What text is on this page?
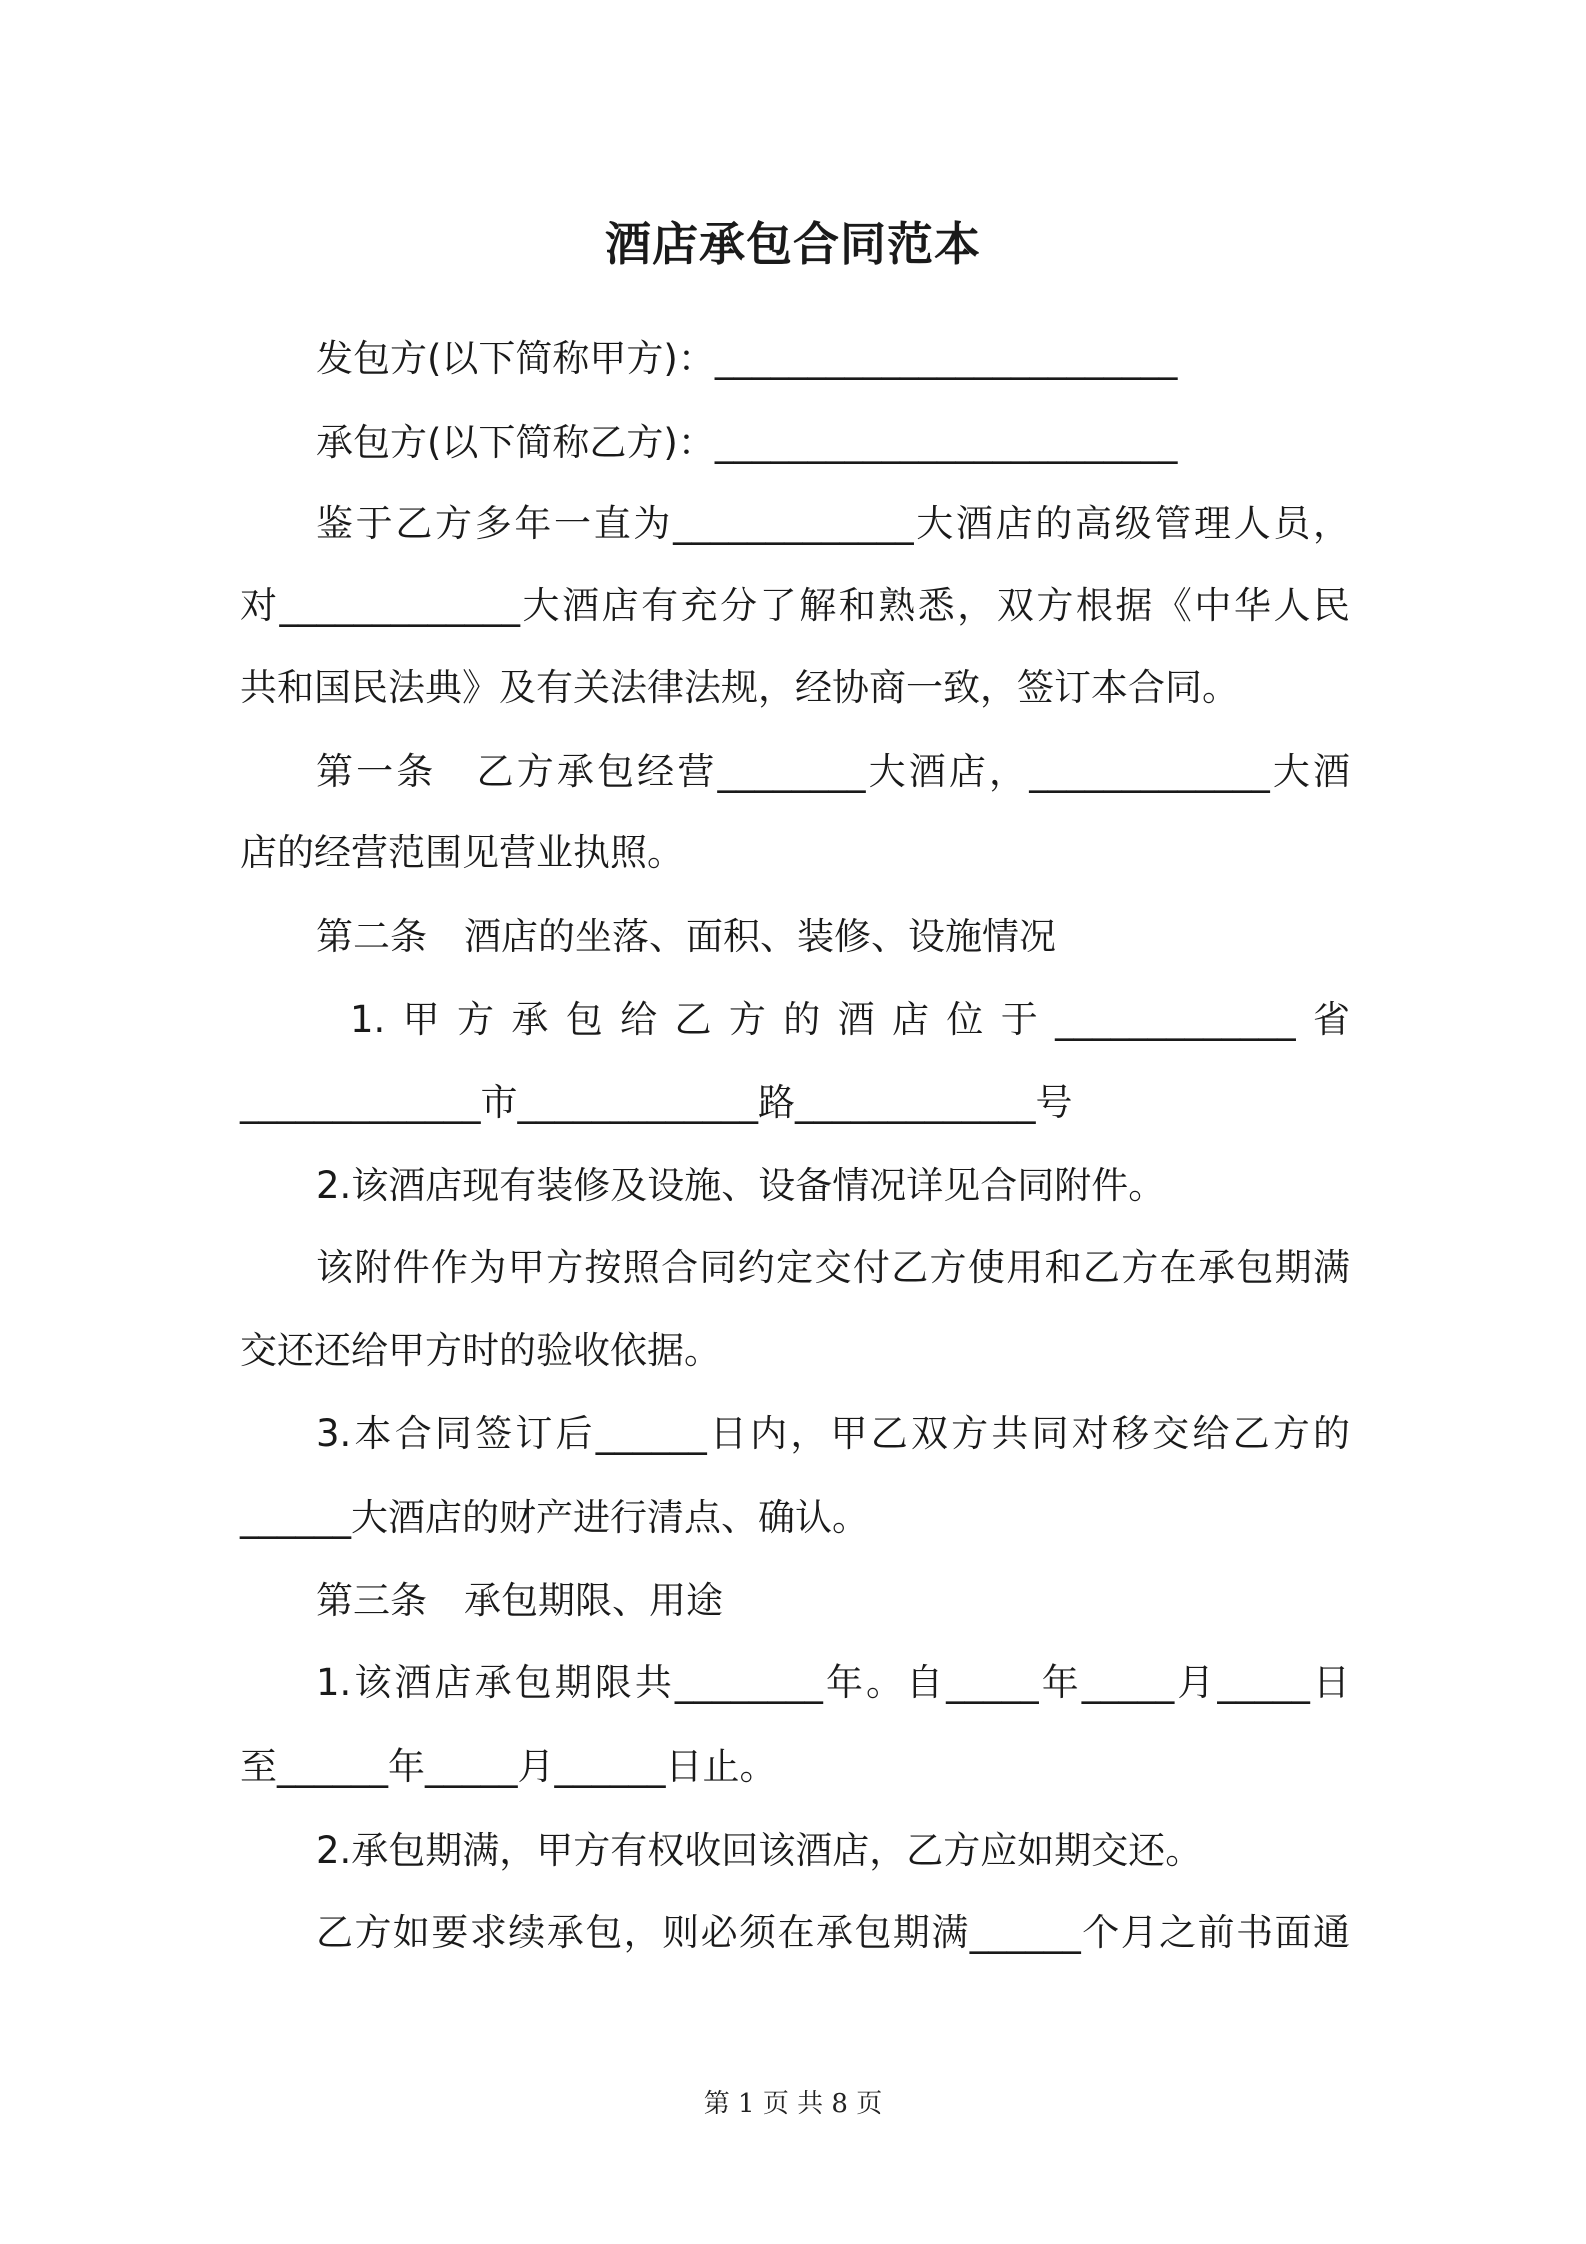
酒店承包合同范本
发包方(以下简称甲方)：_________________________
承包方(以下简称乙方)：_________________________
鉴于乙方多年一直为_____________大酒店的高级管理人员，
对_____________大酒店有充分了解和熟悉，双方根据《中华人民
共和国民法典》及有关法律法规，经协商一致，签订本合同。
第一条　乙方承包经营________大酒店，_____________大酒
店的经营范围见营业执照。
第二条　酒店的坐落、面积、装修、设施情况
1.甲方承包给乙方的酒店位于_____________省
_____________市_____________路_____________号
2.该酒店现有装修及设施、设备情况详见合同附件。
该附件作为甲方按照合同约定交付乙方使用和乙方在承包期满
交还还给甲方时的验收依据。
3.本合同签订后______日内，甲乙双方共同对移交给乙方的
______大酒店的财产进行清点、确认。
第三条　承包期限、用途
1.该酒店承包期限共________年。自_____年_____月_____日
至______年_____月______日止。
2.承包期满，甲方有权收回该酒店，乙方应如期交还。
乙方如要求续承包，则必须在承包期满______个月之前书面通
第 1 页 共 8 页
